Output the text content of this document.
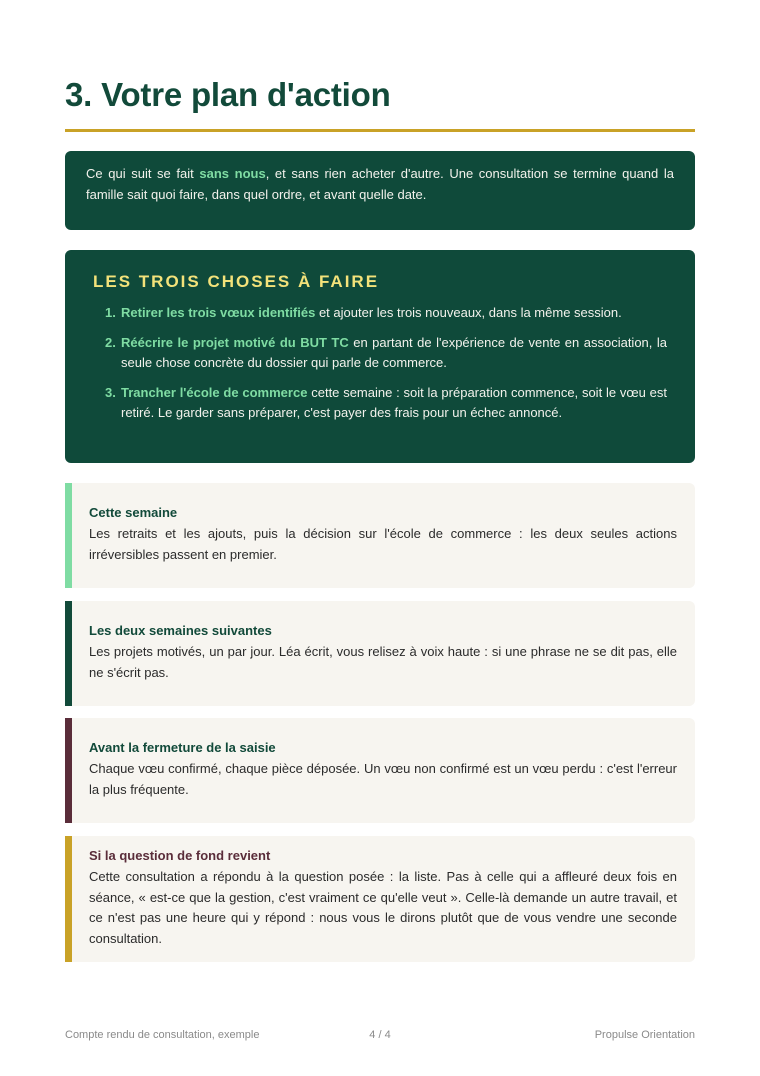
3. Votre plan d'action
Ce qui suit se fait sans nous, et sans rien acheter d'autre. Une consultation se termine quand la famille sait quoi faire, dans quel ordre, et avant quelle date.
LES TROIS CHOSES À FAIRE
1. Retirer les trois vœux identifiés et ajouter les trois nouveaux, dans la même session.
2. Réécrire le projet motivé du BUT TC en partant de l'expérience de vente en association, la seule chose concrète du dossier qui parle de commerce.
3. Trancher l'école de commerce cette semaine : soit la préparation commence, soit le vœu est retiré. Le garder sans préparer, c'est payer des frais pour un échec annoncé.
Cette semaine

Les retraits et les ajouts, puis la décision sur l'école de commerce : les deux seules actions irréversibles passent en premier.

Les deux semaines suivantes

Les projets motivés, un par jour. Léa écrit, vous relisez à voix haute : si une phrase ne se dit pas, elle ne s'écrit pas.

Avant la fermeture de la saisie

Chaque vœu confirmé, chaque pièce déposée. Un vœu non confirmé est un vœu perdu : c'est l'erreur la plus fréquente.

Si la question de fond revient

Cette consultation a répondu à la question posée : la liste. Pas à celle qui a affleuré deux fois en séance, « est-ce que la gestion, c'est vraiment ce qu'elle veut ». Celle-là demande un autre travail, et ce n'est pas une heure qui y répond : nous vous le dirons plutôt que de vous vendre une seconde consultation.

Compte rendu de consultation, exemple	4 / 4	Propulse Orientation
